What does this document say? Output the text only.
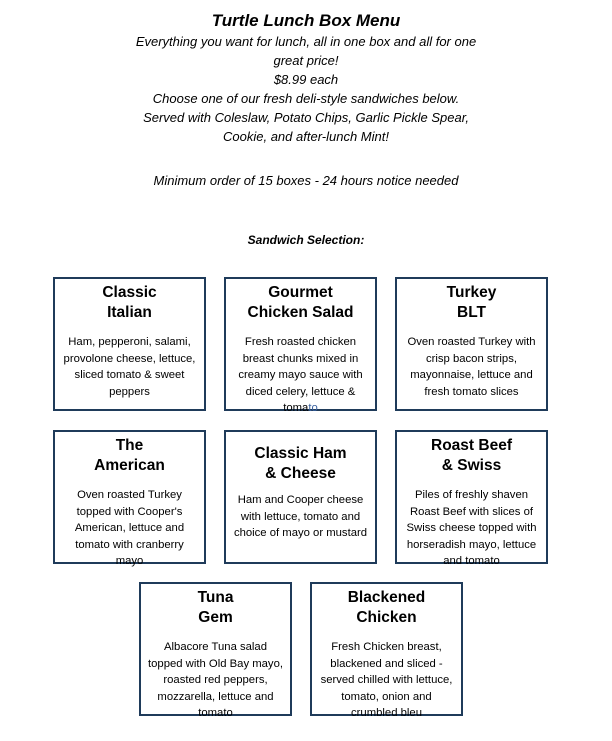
Turtle Lunch Box Menu
Everything you want for lunch, all in one box and all for one
great price!
$8.99 each
Choose one of our fresh deli-style sandwiches below.
Served with Coleslaw, Potato Chips, Garlic Pickle Spear,
Cookie, and after-lunch Mint!
Minimum order of 15 boxes - 24 hours notice needed
Sandwich Selection:
Classic
Italian
Ham, pepperoni, salami, provolone cheese, lettuce, sliced tomato & sweet peppers
Gourmet
Chicken Salad
Fresh roasted chicken breast chunks mixed in creamy mayo sauce with diced celery, lettuce & tomato
Turkey
BLT
Oven roasted Turkey with crisp bacon strips, mayonnaise, lettuce and fresh tomato slices
The
American
Oven roasted Turkey topped with Cooper's American, lettuce and tomato with cranberry mayo
Classic Ham
& Cheese
Ham and Cooper cheese with lettuce, tomato and choice of mayo or mustard
Roast Beef
& Swiss
Piles of freshly shaven Roast Beef with slices of Swiss cheese topped with horseradish mayo, lettuce and tomato
Tuna
Gem
Albacore Tuna salad topped with Old Bay mayo, roasted red peppers, mozzarella, lettuce and tomato
Blackened
Chicken
Fresh Chicken breast, blackened and sliced - served chilled with lettuce, tomato, onion and crumbled bleu
